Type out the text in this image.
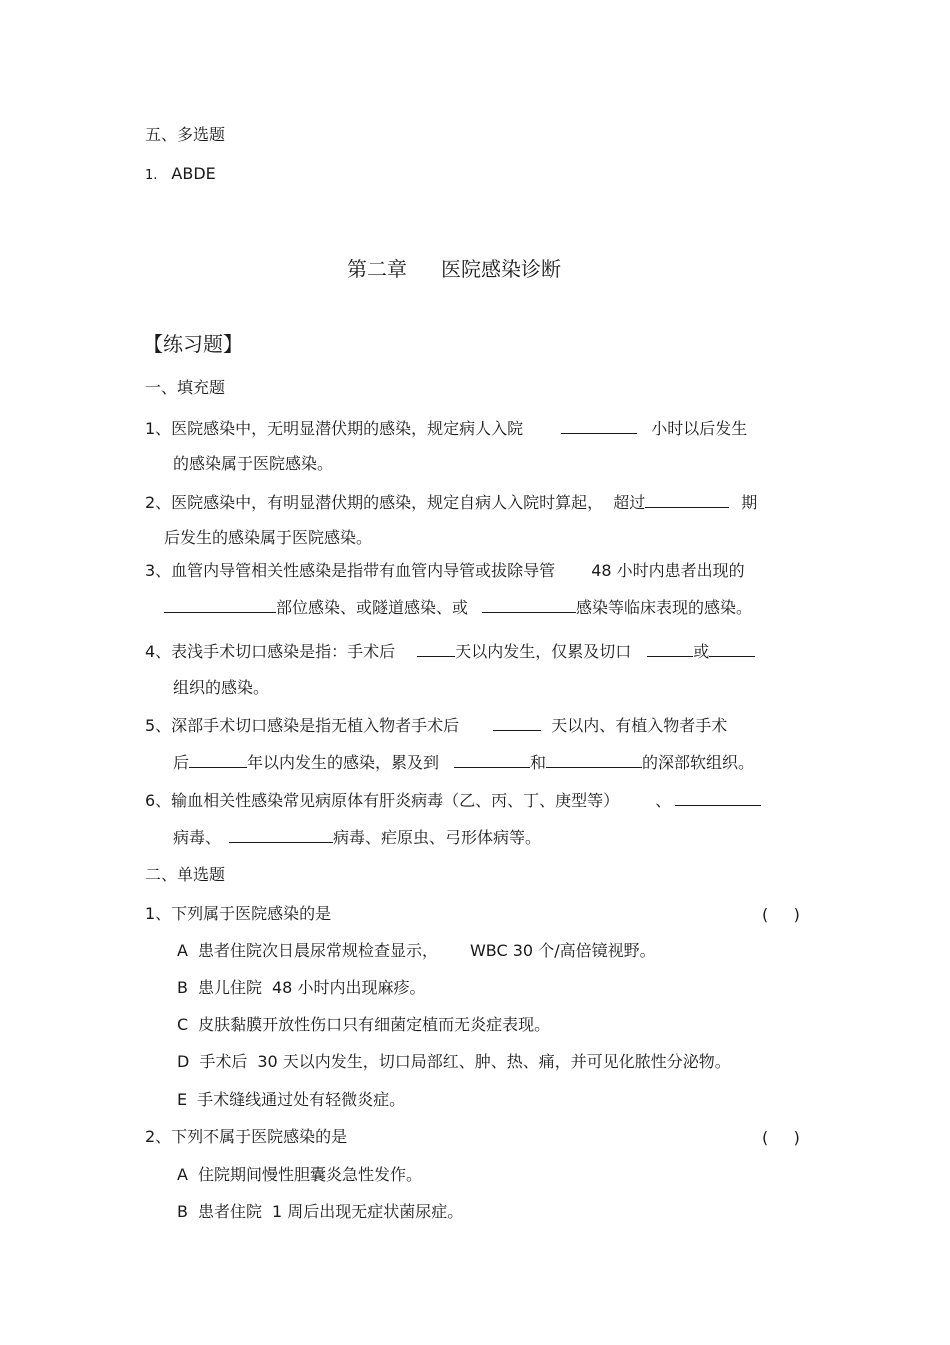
五、多选题
1. ABDE
第二章 医院感染诊断
【练习题】
一、填充题
1、医院感染中，无明显潜伏期的感染，规定病人入院	小时以后发生
的感染属于医院感染。
2、医院感染中，有明显潜伏期的感染，规定自病人入院时算起， 超过	期
后发生的感染属于医院感染。
3、血管内导管相关性感染是指带有血管内导管或拔除导管 48 小时内患者出现的
部位感染、或隧道感染、或	感染等临床表现的感染。
4、表浅手术切口感染是指：手术后	天以内发生，仅累及切口	或
组织的感染。
5、深部手术切口感染是指无植入物者手术后	天以内、有植入物者手术
后	年以内发生的感染，累及到	和	的深部软组织。
6、输血相关性感染常见病原体有肝炎病毒（乙、丙、丁、庚型等） 、
病毒、	病毒、疟原虫、弓形体病等。
二、单选题
1、下列属于医院感染的是	(     )
A 患者住院次日晨尿常规检查显示， WBC 30 个/高倍镜视野。
B 患儿住院 48 小时内出现麻疹。
C 皮肤黏膜开放性伤口只有细菌定植而无炎症表现。
D 手术后 30 天以内发生，切口局部红、肿、热、痛，并可见化脓性分泌物。
E 手术缝线通过处有轻微炎症。
2、下列不属于医院感染的是	(     )
A 住院期间慢性胆囊炎急性发作。
B 患者住院 1 周后出现无症状菌尿症。
